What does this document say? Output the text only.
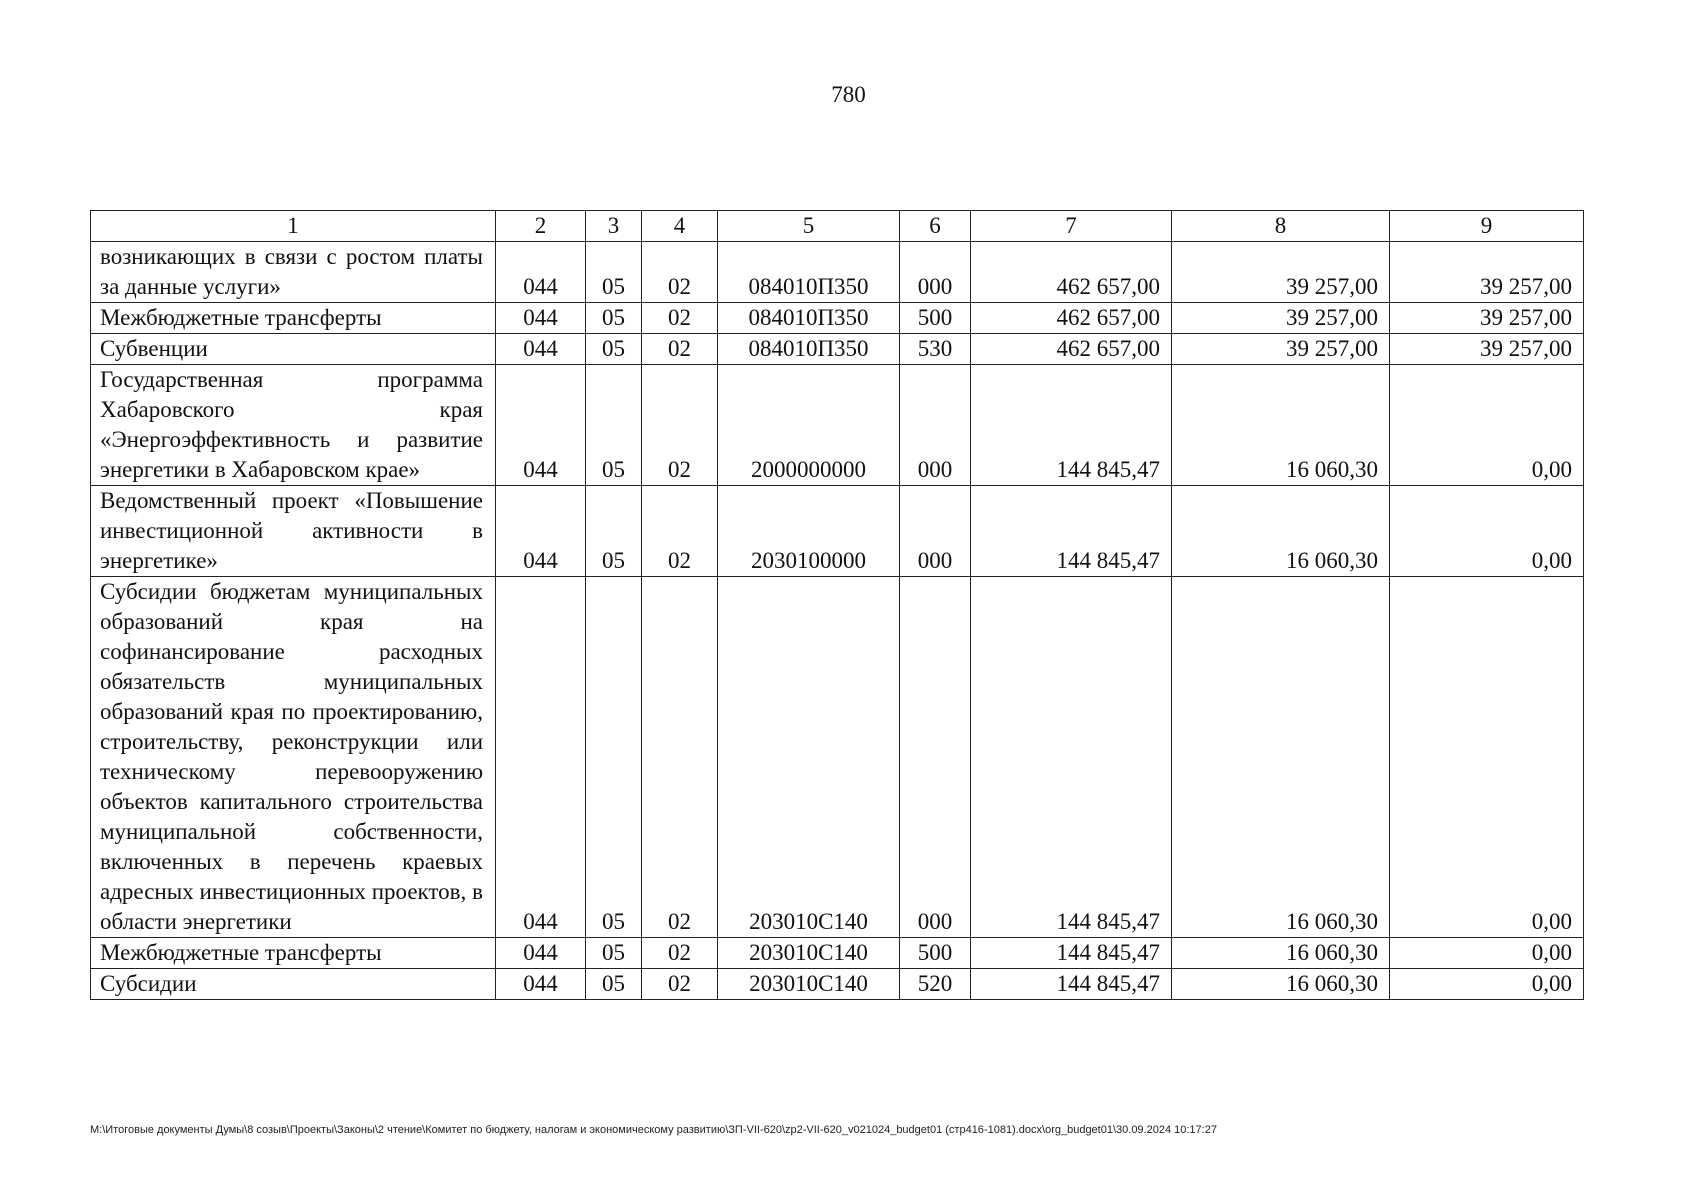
780
1	2	3	4	5	6	7	8	9

возникающих в связи с ростом платы за данные услуги»	044	05	02	084010П350	000	462 657,00	39 257,00	39 257,00

Межбюджетные трансферты	044	05	02	084010П350	500	462 657,00	39 257,00	39 257,00

Субвенции	044	05	02	084010П350	530	462 657,00	39 257,00	39 257,00

Государственная программа Хабаровского края «Энергоэффективность и развитие энергетики в Хабаровском крае»	044	05	02	2000000000	000	144 845,47	16 060,30	0,00

Ведомственный проект «Повышение инвестиционной активности в энергетике»	044	05	02	2030100000	000	144 845,47	16 060,30	0,00

Субсидии бюджетам муниципальных образований края на софинансирование расходных обязательств муниципальных образований края по проектированию, строительству, реконструкции или техническому перевооружению объектов капитального строительства муниципальной собственности, включенных в перечень краевых адресных инвестиционных проектов, в области энергетики	044	05	02	203010С140	000	144 845,47	16 060,30	0,00

Межбюджетные трансферты	044	05	02	203010С140	500	144 845,47	16 060,30	0,00

Субсидии	044	05	02	203010С140	520	144 845,47	16 060,30	0,00
M:\Итоговые документы Думы\8 созыв\Проекты\Законы\2 чтение\Комитет по бюджету, налогам и экономическому развитию\ЗП-VII-620\zp2-VII-620_v021024_budget01 (стр416-1081).docx\org_budget01\30.09.2024 10:17:27
